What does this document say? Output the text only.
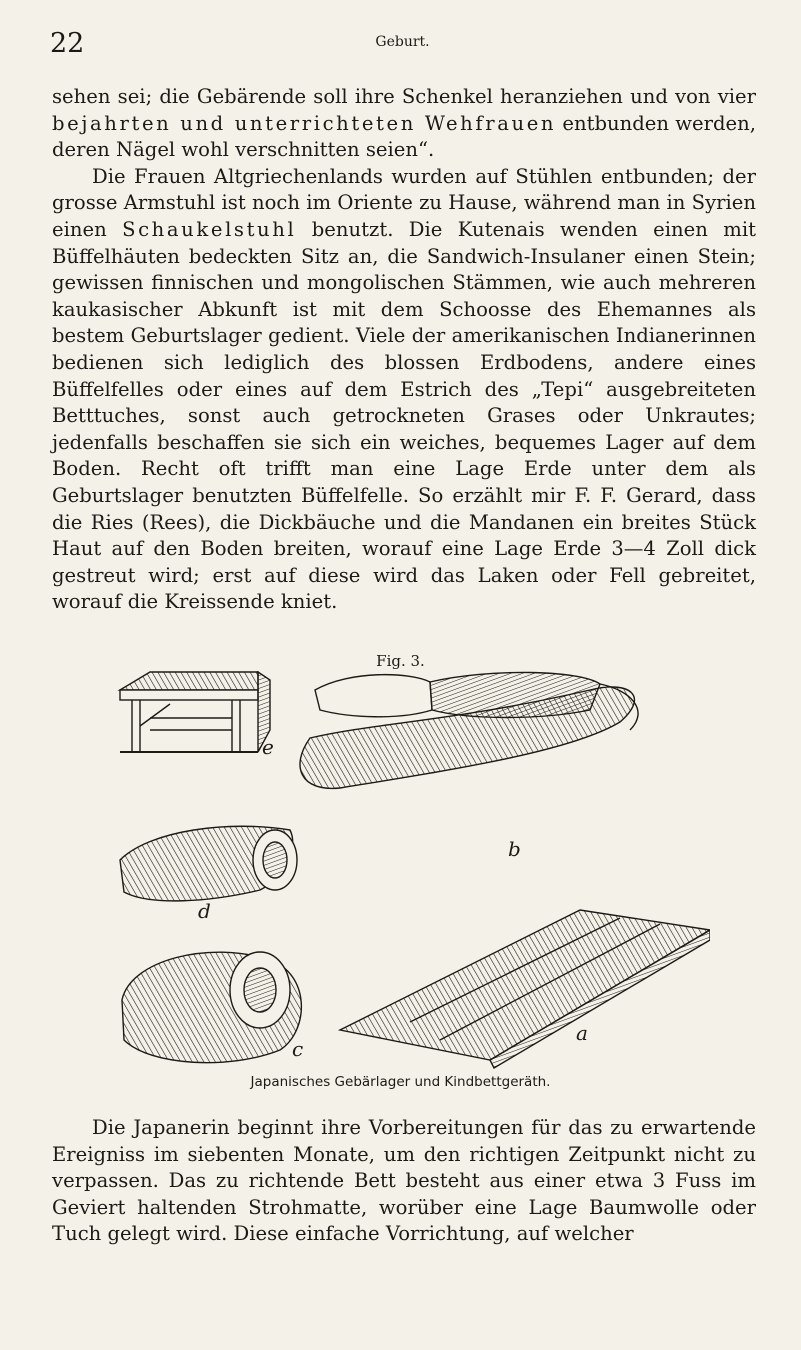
22	Geburt.

sehen sei; die Gebärende soll ihre Schenkel heranziehen und von vier bejahrten und unterrichteten Wehfrauen entbunden werden, deren Nägel wohl verschnitten seien“.

Die Frauen Altgriechenlands wurden auf Stühlen entbunden; der grosse Armstuhl ist noch im Oriente zu Hause, während man in Syrien einen Schaukelstuhl benutzt. Die Kutenais wenden einen mit Büffelhäuten bedeckten Sitz an, die Sandwich-Insulaner einen Stein; gewissen finnischen und mongolischen Stämmen, wie auch mehreren kaukasischer Abkunft ist mit dem Schoosse des Ehemannes als bestem Geburtslager gedient. Viele der amerikanischen Indianerinnen bedienen sich lediglich des blossen Erdbodens, andere eines Büffelfelles oder eines auf dem Estrich des „Tepi“ ausgebreiteten Betttuches, sonst auch getrockneten Grases oder Unkrautes; jedenfalls beschaffen sie sich ein weiches, bequemes Lager auf dem Boden. Recht oft trifft man eine Lage Erde unter dem als Geburtslager benutzten Büffelfelle. So erzählt mir F. F. Gerard, dass die Ries (Rees), die Dickbäuche und die Mandanen ein breites Stück Haut auf den Boden breiten, worauf eine Lage Erde 3—4 Zoll dick gestreut wird; erst auf diese wird das Laken oder Fell gebreitet, worauf die Kreissende kniet.

Fig. 3.
e
b
d
c
a
Japanisches Gebärlager und Kindbettgeräth.

Die Japanerin beginnt ihre Vorbereitungen für das zu erwartende Ereigniss im siebenten Monate, um den richtigen Zeitpunkt nicht zu verpassen. Das zu richtende Bett besteht aus einer etwa 3 Fuss im Geviert haltenden Strohmatte, worüber eine Lage Baumwolle oder Tuch gelegt wird. Diese einfache Vorrichtung, auf welcher
